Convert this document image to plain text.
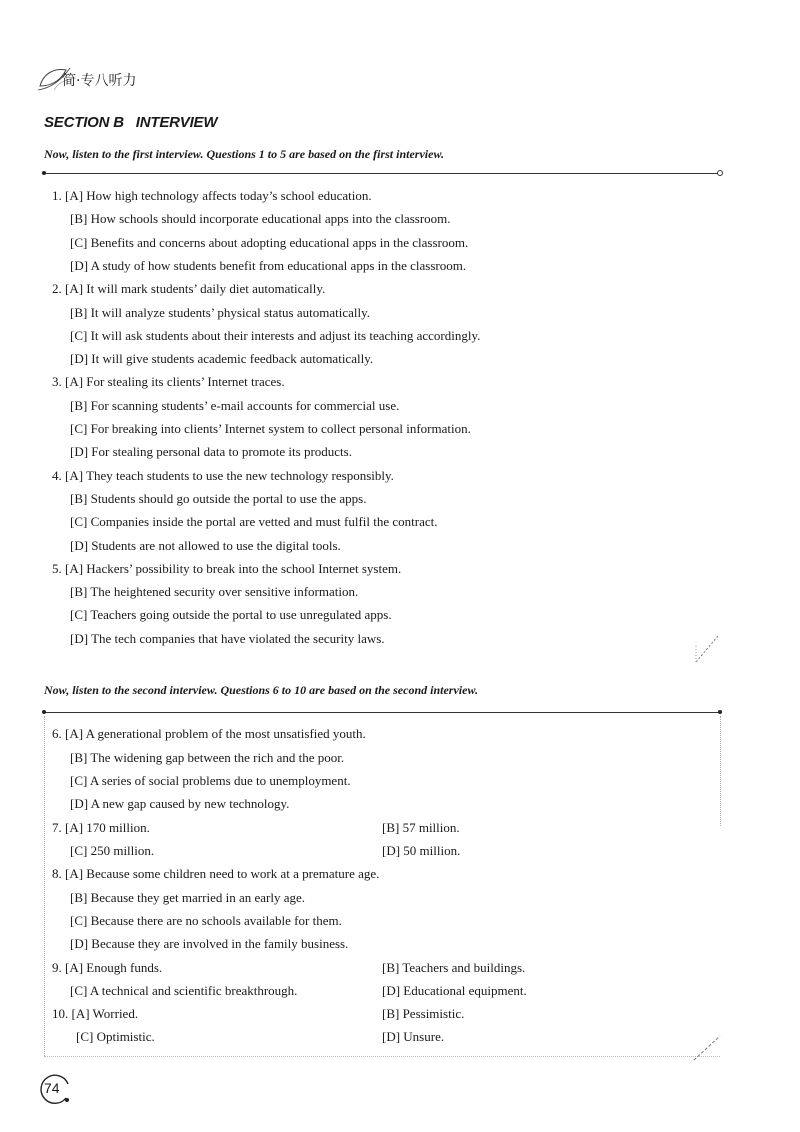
简·专八听力
SECTION B   INTERVIEW
Now, listen to the first interview. Questions 1 to 5 are based on the first interview.
1. [A] How high technology affects today’s school education.
[B] How schools should incorporate educational apps into the classroom.
[C] Benefits and concerns about adopting educational apps in the classroom.
[D] A study of how students benefit from educational apps in the classroom.
2. [A] It will mark students’ daily diet automatically.
[B] It will analyze students’ physical status automatically.
[C] It will ask students about their interests and adjust its teaching accordingly.
[D] It will give students academic feedback automatically.
3. [A] For stealing its clients’ Internet traces.
[B] For scanning students’ e-mail accounts for commercial use.
[C] For breaking into clients’ Internet system to collect personal information.
[D] For stealing personal data to promote its products.
4. [A] They teach students to use the new technology responsibly.
[B] Students should go outside the portal to use the apps.
[C] Companies inside the portal are vetted and must fulfil the contract.
[D] Students are not allowed to use the digital tools.
5. [A] Hackers’ possibility to break into the school Internet system.
[B] The heightened security over sensitive information.
[C] Teachers going outside the portal to use unregulated apps.
[D] The tech companies that have violated the security laws.
Now, listen to the second interview. Questions 6 to 10 are based on the second interview.
6. [A] A generational problem of the most unsatisfied youth.
[B] The widening gap between the rich and the poor.
[C] A series of social problems due to unemployment.
[D] A new gap caused by new technology.
7. [A] 170 million.	[B] 57 million.
[C] 250 million.	[D] 50 million.
8. [A] Because some children need to work at a premature age.
[B] Because they get married in an early age.
[C] Because there are no schools available for them.
[D] Because they are involved in the family business.
9. [A] Enough funds.	[B] Teachers and buildings.
[C] A technical and scientific breakthrough.	[D] Educational equipment.
10. [A] Worried.	[B] Pessimistic.
[C] Optimistic.	[D] Unsure.
74
